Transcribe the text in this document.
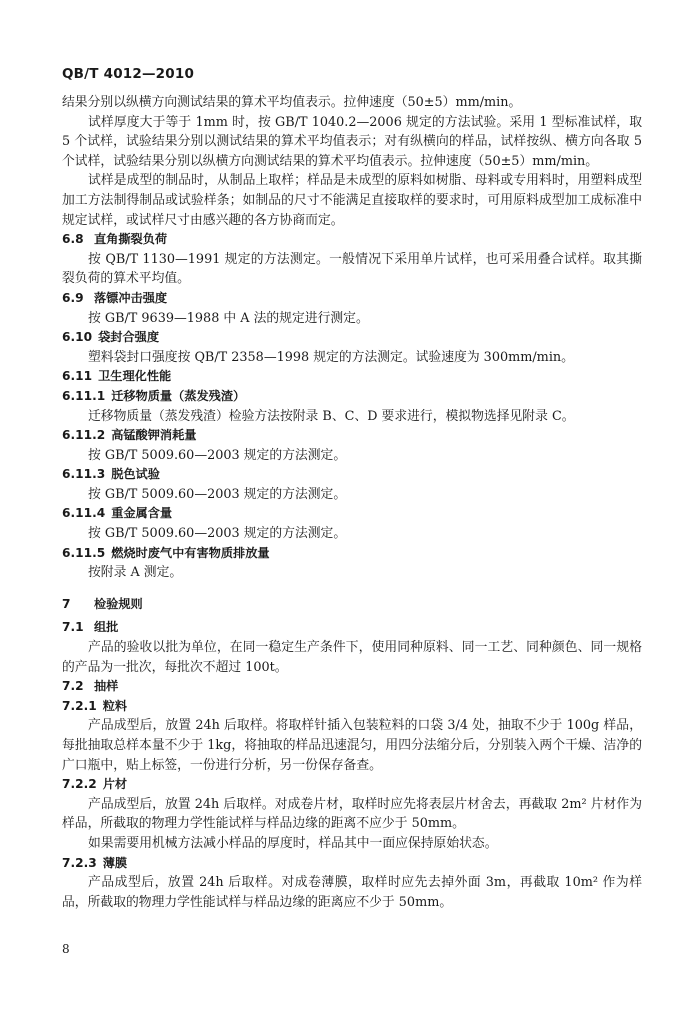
QB/T 4012—2010

结果分别以纵横方向测试结果的算术平均值表示。拉伸速度（50±5）mm/min。

试样厚度大于等于 1mm 时，按 GB/T 1040.2—2006 规定的方法试验。采用 1 型标准试样，取 5 个试样，试验结果分别以测试结果的算术平均值表示；对有纵横向的样品，试样按纵、横方向各取 5 个试样，试验结果分别以纵横方向测试结果的算术平均值表示。拉伸速度（50±5）mm/min。

试样是成型的制品时，从制品上取样；样品是未成型的原料如树脂、母料或专用料时，用塑料成型加工方法制得制品或试验样条；如制品的尺寸不能满足直接取样的要求时，可用原料成型加工成标准中规定试样，或试样尺寸由感兴趣的各方协商而定。

6.8 直角撕裂负荷

按 QB/T 1130—1991 规定的方法测定。一般情况下采用单片试样，也可采用叠合试样。取其撕裂负荷的算术平均值。

6.9 落镖冲击强度

按 GB/T 9639—1988 中 A 法的规定进行测定。

6.10 袋封合强度

塑料袋封口强度按 QB/T 2358—1998 规定的方法测定。试验速度为 300mm/min。

6.11 卫生理化性能
6.11.1 迁移物质量（蒸发残渣）

迁移物质量（蒸发残渣）检验方法按附录 B、C、D 要求进行，模拟物选择见附录 C。

6.11.2 高锰酸钾消耗量

按 GB/T 5009.60—2003 规定的方法测定。

6.11.3 脱色试验

按 GB/T 5009.60—2003 规定的方法测定。

6.11.4 重金属含量

按 GB/T 5009.60—2003 规定的方法测定。

6.11.5 燃烧时废气中有害物质排放量

按附录 A 测定。

7 检验规则
7.1 组批

产品的验收以批为单位，在同一稳定生产条件下，使用同种原料、同一工艺、同种颜色、同一规格的产品为一批次，每批次不超过 100t。

7.2 抽样
7.2.1 粒料

产品成型后，放置 24h 后取样。将取样针插入包装粒料的口袋 3/4 处，抽取不少于 100g 样品，每批抽取总样本量不少于 1kg，将抽取的样品迅速混匀，用四分法缩分后，分别装入两个干燥、洁净的广口瓶中，贴上标签，一份进行分析，另一份保存备查。

7.2.2 片材

产品成型后，放置 24h 后取样。对成卷片材，取样时应先将表层片材舍去，再截取 2m² 片材作为样品，所截取的物理力学性能试样与样品边缘的距离不应少于 50mm。

如果需要用机械方法减小样品的厚度时，样品其中一面应保持原始状态。

7.2.3 薄膜

产品成型后，放置 24h 后取样。对成卷薄膜，取样时应先去掉外面 3m，再截取 10m² 作为样品，所截取的物理力学性能试样与样品边缘的距离应不少于 50mm。

8
